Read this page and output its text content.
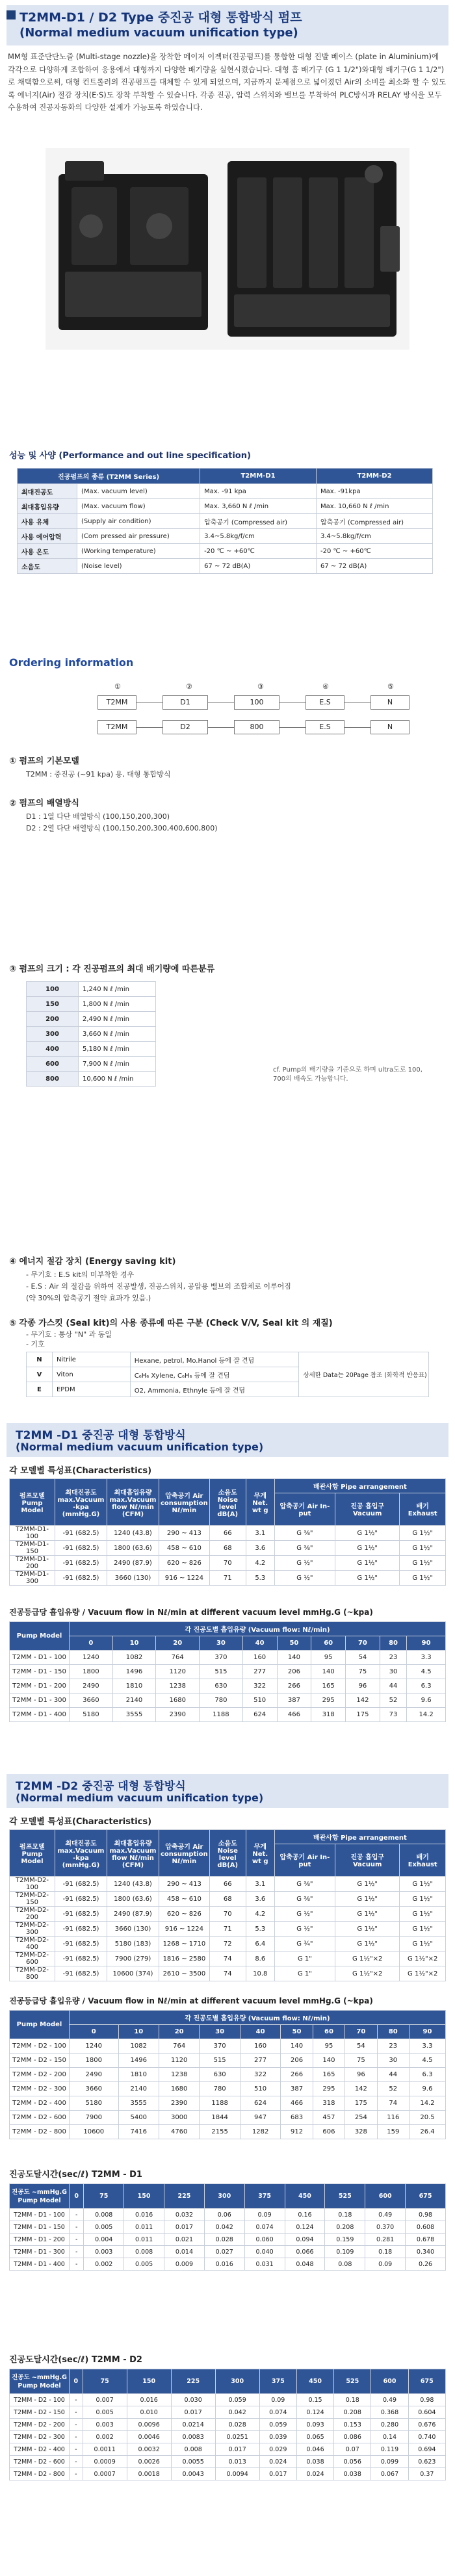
T2MM-D1 / D2 Type 중진공 대형 통합방식 펌프
(Normal medium vacuum unification type)
MM형 표준단단노즐 (Multi-stage nozzle)을 장착한 메이저 이젝터(진공펌프)를 통합한 대형 진발 베이스 (plate in Aluminium)에 각각으로 다양하게 조합하여 응용에서 대형까지 다양한 배기량을 실현시켰습니다. 대형 흡 배기구 (G 1 1/2")와대형 배기구(G 1 1/2")로 채택함으로써, 대형 컨트롤러의 진공펌프를 대체할 수 있게 되었으며, 지금까지 문제점으로 넓어졌던 Air의 소비를 최소화 할 수 있도록 에너지(Air) 절감 장치(E·S)도 장착 부착할 수 있습니다. 각종 진공, 압력 스위치와 밸브를 부착하여 PLC방식과 RELAY 방식을 모두 수용하여 진공자동화의 다양한 설계가 가능토록 하였습니다.
성능 및 사양 (Performance and out line specification)
진공펌프의 종류 (T2MM Series)		T2MM-D1	T2MM-D2
최대진공도	(Max. vacuum level)	Max. -91 kpa	Max. -91kpa
최대흡입유량	(Max. vacuum flow)	Max. 3,660 N ℓ /min	Max. 10,660 N ℓ /min
사용 유체	(Supply air condition)	압축공기 (Compressed air)	압축공기 (Compressed air)
사용 에어압력	(Com pressed air pressure)	3.4~5.8kg/f/cm	3.4~5.8kg/f/cm
사용 온도	(Working temperature)	-20 ℃ ~ +60℃	-20 ℃ ~ +60℃
소음도	(Noise level)	67 ~ 72 dB(A)	67 ~ 72 dB(A)
Ordering information
①	②	③	④	⑤
T2MM	D1	100	E.S	N
T2MM	D2	800	E.S	N
① 펌프의 기본모델
T2MM : 중진공 (~91 kpa) 용, 대형 통합방식
② 펌프의 배열방식
D1 : 1열 다단 배열방식 (100,150,200,300)
D2 : 2열 다단 배열방식 (100,150,200,300,400,600,800)
③ 펌프의 크기 : 각 진공펌프의 최대 배기량에 따른분류
100	1,240 N ℓ /min
150	1,800 N ℓ /min
200	2,490 N ℓ /min
300	3,660 N ℓ /min
400	5,180 N ℓ /min
600	7,900 N ℓ /min
800	10,600 N ℓ /min
cf. Pump의 배기량을 기준으로 하며 ultra도로 100, 700의 배속도 가능합니다.
④ 에너지 절감 장치 (Energy saving kit)
- 무기호 : E.S kit의 미부착한 경우
- E.S : Air 의 절감을 위하여 진공발생, 진공스위치, 공압용 밸브의 조합체로 이루어짐
(약 30%의 압축공기 절약 효과가 있음.)
⑤ 각종 가스킷 (Seal kit)의 사용 종류에 따른 구분 (Check V/V, Seal kit 의 재질)
- 무기호 : 통상 "N" 과 동일
- 기호
N	Nitrile	Hexane, petrol, Mo.Hanol 등에 잘 견딤	상세한 Data는 20Page 참조 (화학적 반응표)
V	Viton	C₆H₆ Xylene, C₆H₆ 등에 잘 견딤	
E	EPDM	O2, Ammonia, Ethnyle 등에 잘 견딤	
T2MM -D1 중진공 대형 통합방식
(Normal medium vacuum unification type)
각 모델별 특성표(Characteristics)
펌프모델 Pump Model	최대진공도 max.Vacuum -kpa (mmHg.G)	최대흡입유량 max.Vacuum flow Nℓ/min (CFM)	압축공기 Air consumption Nℓ/min	소음도 Noise level dB(A)	무게 Net. wt g	배관사항 Pipe arrangement		
						압축공기 Air In-put	진공 흡입구 Vacuum	배기 Exhaust
T2MM-D1-100	-91 (682.5)	1240 (43.8)	290 ~ 413	66	3.1	G ⅜"	G 1½"	G 1½"
T2MM-D1-150	-91 (682.5)	1800 (63.6)	458 ~ 610	68	3.6	G ⅜"	G 1½"	G 1½"
T2MM-D1-200	-91 (682.5)	2490 (87.9)	620 ~ 826	70	4.2	G ½"	G 1½"	G 1½"
T2MM-D1-300	-91 (682.5)	3660 (130)	916 ~ 1224	71	5.3	G ½"	G 1½"	G 1½"
진공등급당 흡입유량 / Vacuum flow in Nℓ/min at different vacuum level mmHg.G (~kpa)
Pump Model	각 진공도별 흡입유량 (Vacuum flow: Nℓ/min)									
	0	10	20	30	40	50	60	70	80	90
T2MM - D1 - 100	1240	1082	764	370	160	140	95	54	23	3.3
T2MM - D1 - 150	1800	1496	1120	515	277	206	140	75	30	4.5
T2MM - D1 - 200	2490	1810	1238	630	322	266	165	96	44	6.3
T2MM - D1 - 300	3660	2140	1680	780	510	387	295	142	52	9.6
T2MM - D1 - 400	5180	3555	2390	1188	624	466	318	175	73	14.2
T2MM -D2 중진공 대형 통합방식
(Normal medium vacuum unification type)
각 모델별 특성표(Characteristics)
펌프모델 Pump Model	최대진공도 max.Vacuum -kpa (mmHg.G)	최대흡입유량 max.Vacuum flow Nℓ/min (CFM)	압축공기 Air consumption Nℓ/min	소음도 Noise level dB(A)	무게 Net. wt g	배관사항 Pipe arrangement		
						압축공기 Air In-put	진공 흡입구 Vacuum	배기 Exhaust
T2MM-D2-100	-91 (682.5)	1240 (43.8)	290 ~ 413	66	3.1	G ⅜"	G 1½"	G 1½"
T2MM-D2-150	-91 (682.5)	1800 (63.6)	458 ~ 610	68	3.6	G ⅜"	G 1½"	G 1½"
T2MM-D2-200	-91 (682.5)	2490 (87.9)	620 ~ 826	70	4.2	G ½"	G 1½"	G 1½"
T2MM-D2-300	-91 (682.5)	3660 (130)	916 ~ 1224	71	5.3	G ½"	G 1½"	G 1½"
T2MM-D2-400	-91 (682.5)	5180 (183)	1268 ~ 1710	72	6.4	G ¾"	G 1½"	G 1½"
T2MM-D2-600	-91 (682.5)	7900 (279)	1816 ~ 2580	74	8.6	G 1"	G 1½"×2	G 1½"×2
T2MM-D2-800	-91 (682.5)	10600 (374)	2610 ~ 3500	74	10.8	G 1"	G 1½"×2	G 1½"×2
진공등급당 흡입유량 / Vacuum flow in Nℓ/min at different vacuum level mmHg.G (~kpa)
Pump Model	각 진공도별 흡입유량 (Vacuum flow: Nℓ/min)									
	0	10	20	30	40	50	60	70	80	90
T2MM - D2 - 100	1240	1082	764	370	160	140	95	54	23	3.3
T2MM - D2 - 150	1800	1496	1120	515	277	206	140	75	30	4.5
T2MM - D2 - 200	2490	1810	1238	630	322	266	165	96	44	6.3
T2MM - D2 - 300	3660	2140	1680	780	510	387	295	142	52	9.6
T2MM - D2 - 400	5180	3555	2390	1188	624	466	318	175	74	14.2
T2MM - D2 - 600	7900	5400	3000	1844	947	683	457	254	116	20.5
T2MM - D2 - 800	10600	7416	4760	2155	1282	912	606	328	159	26.4
진공도달시간(sec/ℓ) T2MM - D1
진공도 ~mmHg.G
Pump Model	0	75	150	225	300	375	450	525	600	675
T2MM - D1 - 100	-	0.008	0.016	0.032	0.06	0.09	0.16	0.18	0.49	0.98
T2MM - D1 - 150	-	0.005	0.011	0.017	0.042	0.074	0.124	0.208	0.370	0.608
T2MM - D1 - 200	-	0.004	0.011	0.021	0.028	0.060	0.094	0.159	0.281	0.678
T2MM - D1 - 300	-	0.003	0.008	0.014	0.027	0.040	0.066	0.109	0.18	0.340
T2MM - D1 - 400	-	0.002	0.005	0.009	0.016	0.031	0.048	0.08	0.09	0.26
진공도달시간(sec/ℓ) T2MM - D2
진공도 ~mmHg.G
Pump Model	0	75	150	225	300	375	450	525	600	675
T2MM - D2 - 100	-	0.007	0.016	0.030	0.059	0.09	0.15	0.18	0.49	0.98
T2MM - D2 - 150	-	0.005	0.010	0.017	0.042	0.074	0.124	0.208	0.368	0.604
T2MM - D2 - 200	-	0.003	0.0096	0.0214	0.028	0.059	0.093	0.153	0.280	0.676
T2MM - D2 - 300	-	0.002	0.0046	0.0083	0.0251	0.039	0.065	0.086	0.14	0.740
T2MM - D2 - 400	-	0.0011	0.0032	0.008	0.017	0.029	0.046	0.07	0.119	0.694
T2MM - D2 - 600	-	0.0009	0.0026	0.0055	0.013	0.024	0.038	0.056	0.099	0.623
T2MM - D2 - 800	-	0.0007	0.0018	0.0043	0.0094	0.017	0.024	0.038	0.067	0.37
